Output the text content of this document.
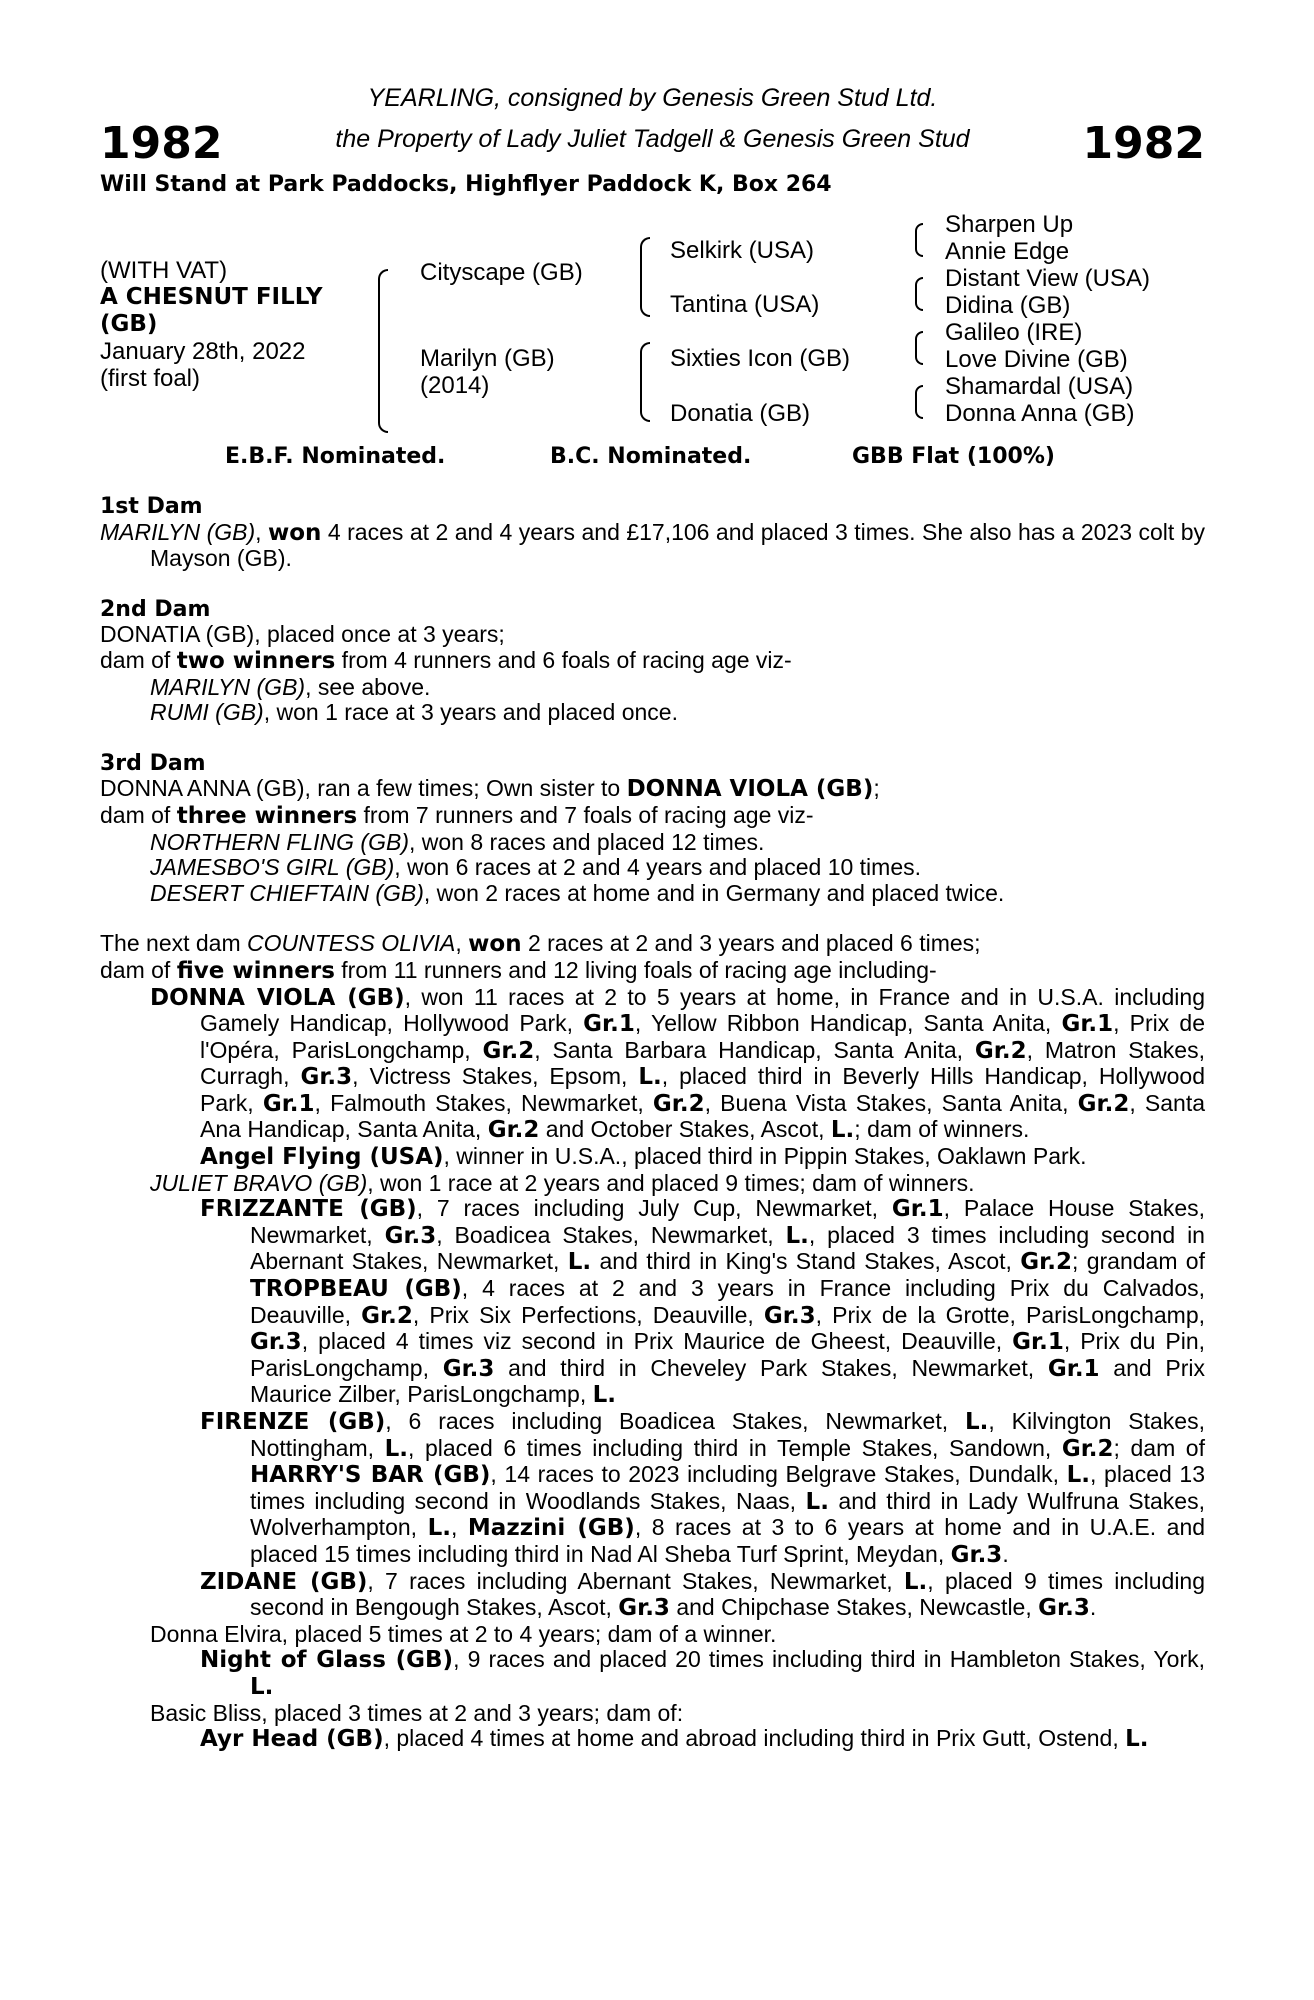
1982	1982
YEARLING, consigned by Genesis Green Stud Ltd.
the Property of Lady Juliet Tadgell & Genesis Green Stud
Will Stand at Park Paddocks, Highflyer Paddock K, Box 264
(WITH VAT)
A CHESNUT FILLY
(GB)
January 28th, 2022
(first foal)
Cityscape (GB)
Marilyn (GB)
(2014)
Selkirk (USA)
Tantina (USA)
Sixties Icon (GB)
Donatia (GB)
Sharpen Up
Annie Edge
Distant View (USA)
Didina (GB)
Galileo (IRE)
Love Divine (GB)
Shamardal (USA)
Donna Anna (GB)
E.B.F. Nominated.	B.C. Nominated.	GBB Flat (100%)

1st Dam

MARILYN (GB), won 4 races at 2 and 4 years and £17,106 and placed 3 times. She also has a 2023 colt by Mayson (GB).

2nd Dam

DONATIA (GB), placed once at 3 years;

dam of two winners from 4 runners and 6 foals of racing age viz-

MARILYN (GB), see above.

RUMI (GB), won 1 race at 3 years and placed once.

3rd Dam

DONNA ANNA (GB), ran a few times; Own sister to DONNA VIOLA (GB);

dam of three winners from 7 runners and 7 foals of racing age viz-

NORTHERN FLING (GB), won 8 races and placed 12 times.

JAMESBO'S GIRL (GB), won 6 races at 2 and 4 years and placed 10 times.

DESERT CHIEFTAIN (GB), won 2 races at home and in Germany and placed twice.

The next dam COUNTESS OLIVIA, won 2 races at 2 and 3 years and placed 6 times;

dam of five winners from 11 runners and 12 living foals of racing age including-

DONNA VIOLA (GB), won 11 races at 2 to 5 years at home, in France and in U.S.A. including Gamely Handicap, Hollywood Park, Gr.1, Yellow Ribbon Handicap, Santa Anita, Gr.1, Prix de l'Opéra, ParisLongchamp, Gr.2, Santa Barbara Handicap, Santa Anita, Gr.2, Matron Stakes, Curragh, Gr.3, Victress Stakes, Epsom, L., placed third in Beverly Hills Handicap, Hollywood Park, Gr.1, Falmouth Stakes, Newmarket, Gr.2, Buena Vista Stakes, Santa Anita, Gr.2, Santa Ana Handicap, Santa Anita, Gr.2 and October Stakes, Ascot, L.; dam of winners.

Angel Flying (USA), winner in U.S.A., placed third in Pippin Stakes, Oaklawn Park.

JULIET BRAVO (GB), won 1 race at 2 years and placed 9 times; dam of winners.

FRIZZANTE (GB), 7 races including July Cup, Newmarket, Gr.1, Palace House Stakes, Newmarket, Gr.3, Boadicea Stakes, Newmarket, L., placed 3 times including second in Abernant Stakes, Newmarket, L. and third in King's Stand Stakes, Ascot, Gr.2; grandam of TROPBEAU (GB), 4 races at 2 and 3 years in France including Prix du Calvados, Deauville, Gr.2, Prix Six Perfections, Deauville, Gr.3, Prix de la Grotte, ParisLongchamp, Gr.3, placed 4 times viz second in Prix Maurice de Gheest, Deauville, Gr.1, Prix du Pin, ParisLongchamp, Gr.3 and third in Cheveley Park Stakes, Newmarket, Gr.1 and Prix Maurice Zilber, ParisLongchamp, L.

FIRENZE (GB), 6 races including Boadicea Stakes, Newmarket, L., Kilvington Stakes, Nottingham, L., placed 6 times including third in Temple Stakes, Sandown, Gr.2; dam of HARRY'S BAR (GB), 14 races to 2023 including Belgrave Stakes, Dundalk, L., placed 13 times including second in Woodlands Stakes, Naas, L. and third in Lady Wulfruna Stakes, Wolverhampton, L., Mazzini (GB), 8 races at 3 to 6 years at home and in U.A.E. and placed 15 times including third in Nad Al Sheba Turf Sprint, Meydan, Gr.3.

ZIDANE (GB), 7 races including Abernant Stakes, Newmarket, L., placed 9 times including second in Bengough Stakes, Ascot, Gr.3 and Chipchase Stakes, Newcastle, Gr.3.

Donna Elvira, placed 5 times at 2 to 4 years; dam of a winner.

Night of Glass (GB), 9 races and placed 20 times including third in Hambleton Stakes, York, L.

Basic Bliss, placed 3 times at 2 and 3 years; dam of:

Ayr Head (GB), placed 4 times at home and abroad including third in Prix Gutt, Ostend, L.
